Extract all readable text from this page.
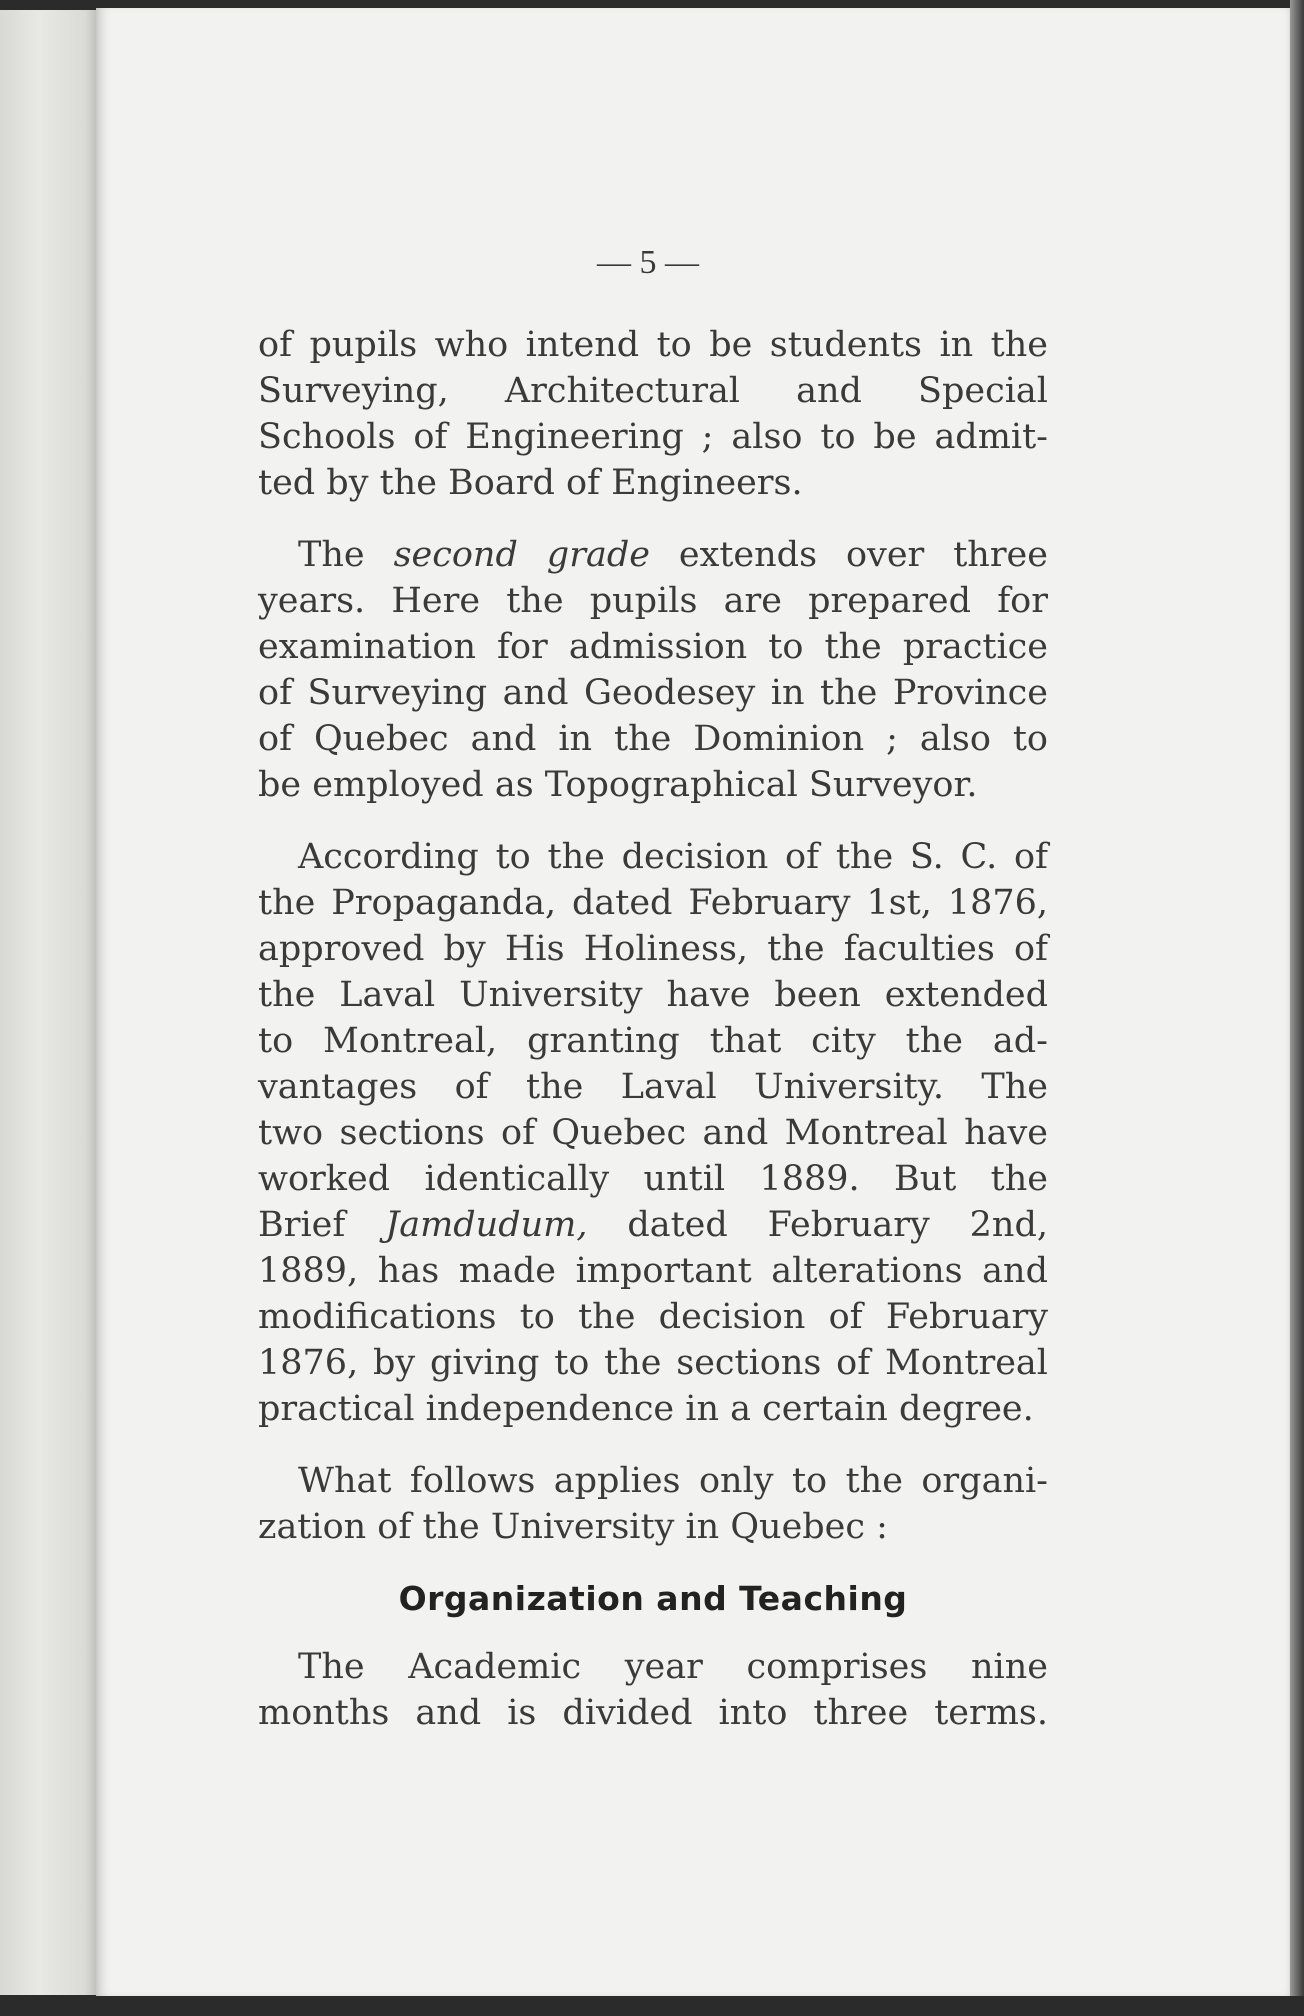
— 5 —
of pupils who intend to be students in the
Surveying, Architectural and Special
Schools of Engineering ; also to be admit-
ted by the Board of Engineers.
The second grade extends over three
years. Here the pupils are prepared for
examination for admission to the practice
of Surveying and Geodesey in the Province
of Quebec and in the Dominion ; also to
be employed as Topographical Surveyor.
According to the decision of the S. C. of
the Propaganda, dated February 1st, 1876,
approved by His Holiness, the faculties of
the Laval University have been extended
to Montreal, granting that city the ad-
vantages of the Laval University. The
two sections of Quebec and Montreal have
worked identically until 1889. But the
Brief Jamdudum, dated February 2nd,
1889, has made important alterations and
modifications to the decision of February
1876, by giving to the sections of Montreal
practical independence in a certain degree.
What follows applies only to the organi-
zation of the University in Quebec :
Organization and Teaching
The Academic year comprises nine
months and is divided into three terms.
